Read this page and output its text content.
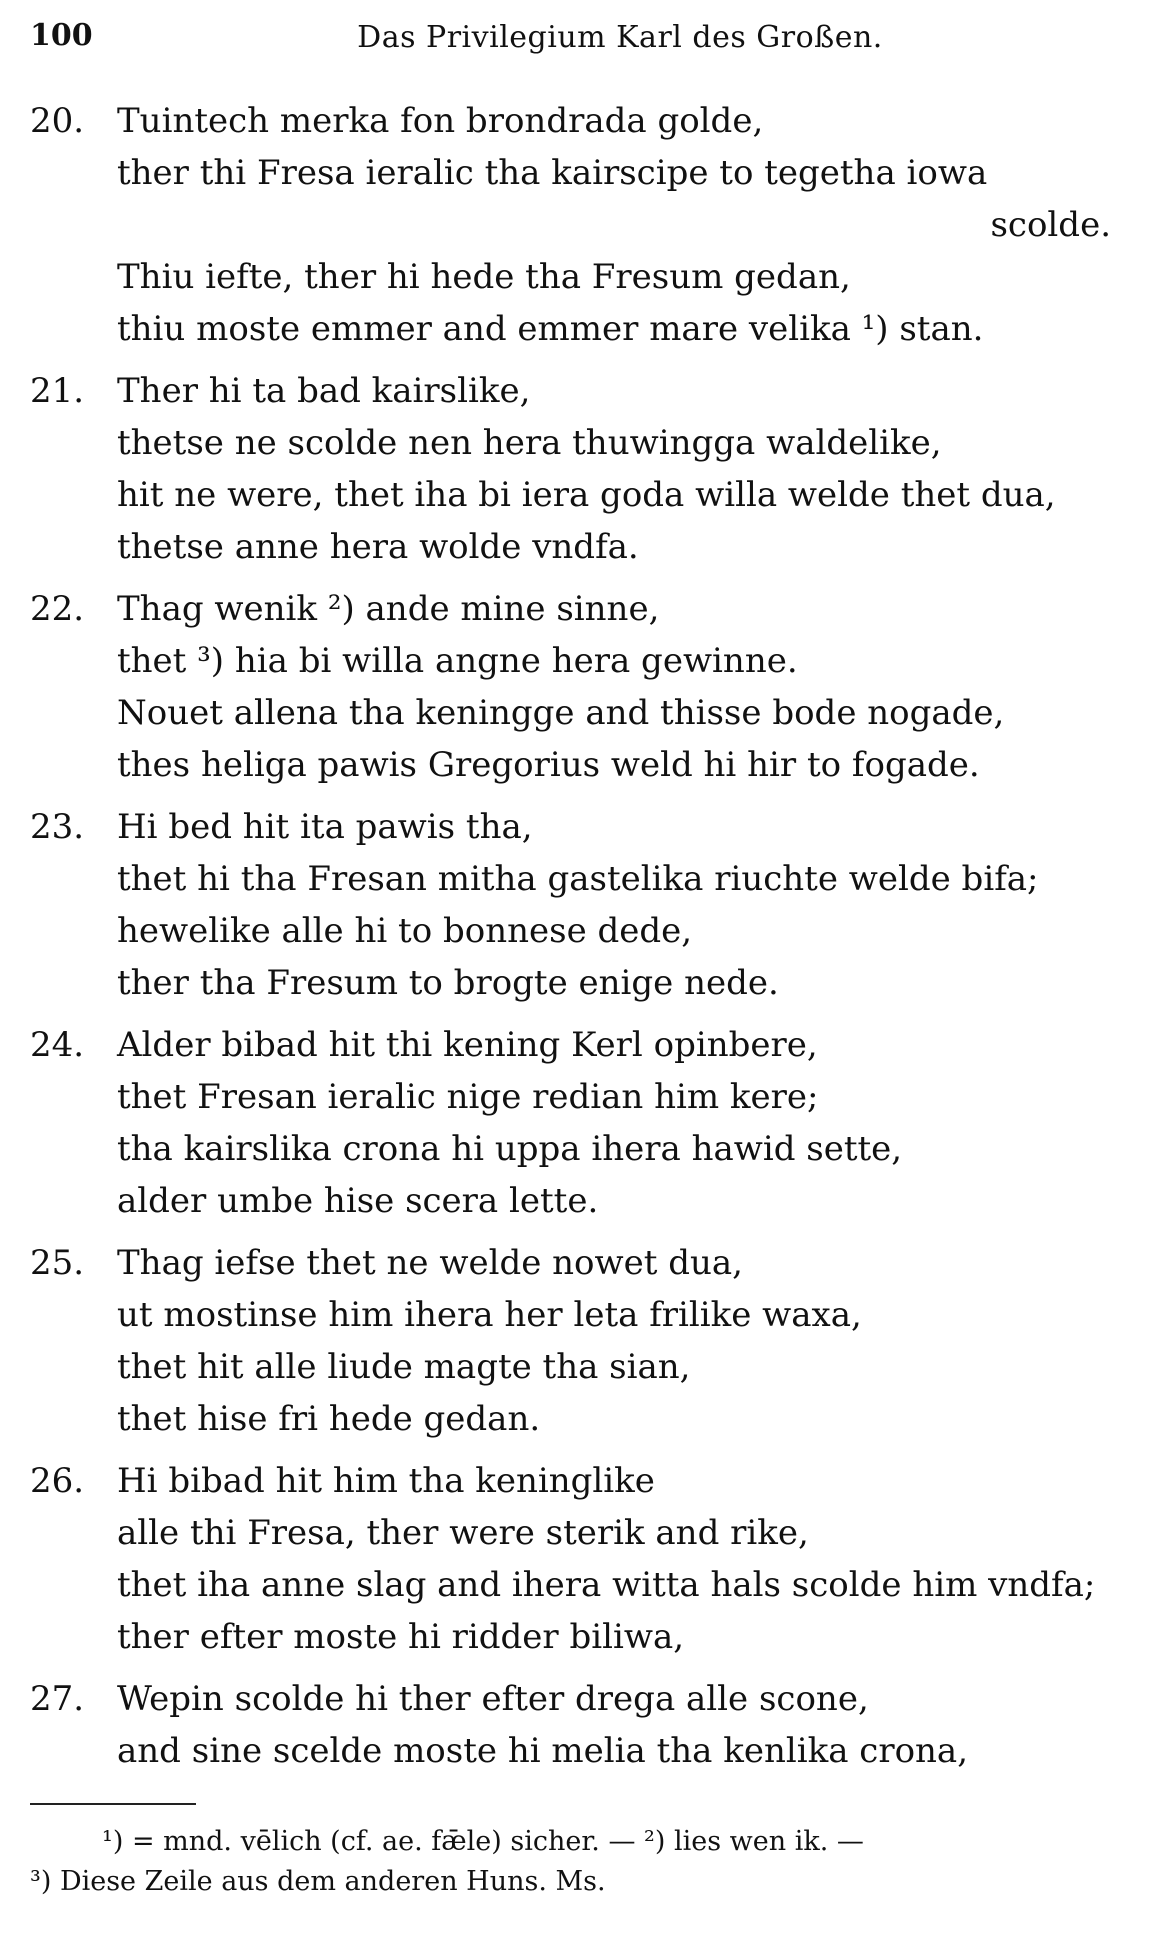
100	Das Privilegium Karl des Großen.
20. Tuintech merka fon brondrada golde,
ther thi Fresa ieralic tha kairscipe to tegetha iowa
scolde.
Thiu iefte, ther hi hede tha Fresum gedan,
thiu moste emmer and emmer mare velika ¹) stan.
21. Ther hi ta bad kairslike,
thetse ne scolde nen hera thuwingga waldelike,
hit ne were, thet iha bi iera goda willa welde thet dua,
thetse anne hera wolde vndfa.
22. Thag wenik ²) ande mine sinne,
thet ³) hia bi willa angne hera gewinne.
Nouet allena tha keningge and thisse bode nogade,
thes heliga pawis Gregorius weld hi hir to fogade.
23. Hi bed hit ita pawis tha,
thet hi tha Fresan mitha gastelika riuchte welde bifa;
hewelike alle hi to bonnese dede,
ther tha Fresum to brogte enige nede.
24. Alder bibad hit thi kening Kerl opinbere,
thet Fresan ieralic nige redian him kere;
tha kairslika crona hi uppa ihera hawid sette,
alder umbe hise scera lette.
25. Thag iefse thet ne welde nowet dua,
ut mostinse him ihera her leta frilike waxa,
thet hit alle liude magte tha sian,
thet hise fri hede gedan.
26. Hi bibad hit him tha keninglike
alle thi Fresa, ther were sterik and rike,
thet iha anne slag and ihera witta hals scolde him vndfa;
ther efter moste hi ridder biliwa,
27. Wepin scolde hi ther efter drega alle scone,
and sine scelde moste hi melia tha kenlika crona,
¹) = mnd. vēlich (cf. ae. fǣle) sicher. — ²) lies wen ik. —
³) Diese Zeile aus dem anderen Huns. Ms.
